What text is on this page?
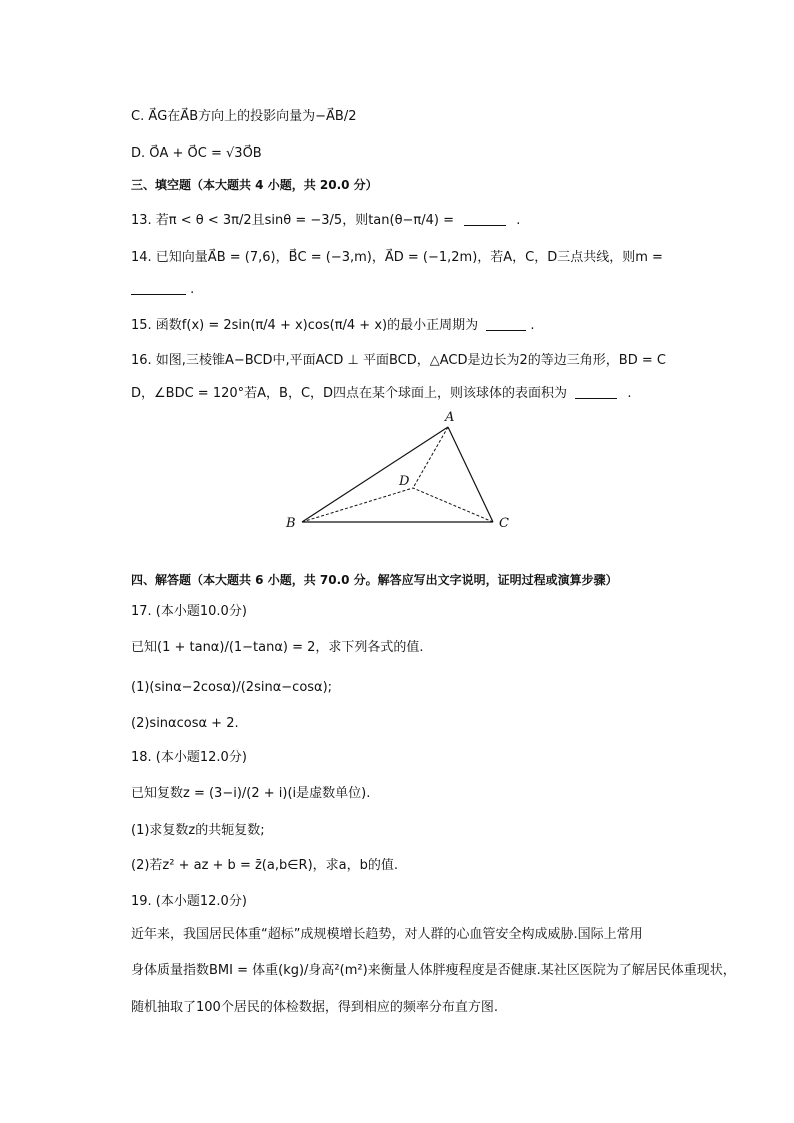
C. A⃗G在A⃗B方向上的投影向量为−A⃗B/2
D. O⃗A + O⃗C = √3O⃗B
三、填空题（本大题共 4 小题，共 20.0 分）
13. 若π < θ < 3π/2且sinθ = −3/5，则tan(θ−π/4) =	.
14. 已知向量A⃗B = (7,6)，B⃗C = (−3,m)，A⃗D = (−1,2m)，若A，C，D三点共线，则m =
.
15. 函数f(x) = 2sin(π/4 + x)cos(π/4 + x)的最小正周期为	.
16. 如图,三棱锥A−BCD中,平面ACD ⊥ 平面BCD，△ACD是边长为2的等边三角形，BD = C
D，∠BDC = 120°若A，B，C，D四点在某个球面上，则该球体的表面积为	.
A
B	C
D
四、解答题（本大题共 6 小题，共 70.0 分。解答应写出文字说明，证明过程或演算步骤）
17. (本小题10.0分)
已知(1 + tanα)/(1−tanα) = 2，求下列各式的值.
(1)(sinα−2cosα)/(2sinα−cosα);
(2)sinαcosα + 2.
18. (本小题12.0分)
已知复数z = (3−i)/(2 + i)(i是虚数单位).
(1)求复数z的共轭复数;
(2)若z² + az + b = z̄(a,b∈R)，求a，b的值.
19. (本小题12.0分)
近年来，我国居民体重“超标”成规模增长趋势，对人群的心血管安全构成威胁.国际上常用
身体质量指数BMI = 体重(kg)/身高²(m²)来衡量人体胖瘦程度是否健康.某社区医院为了解居民体重现状，
随机抽取了100个居民的体检数据，得到相应的频率分布直方图.
